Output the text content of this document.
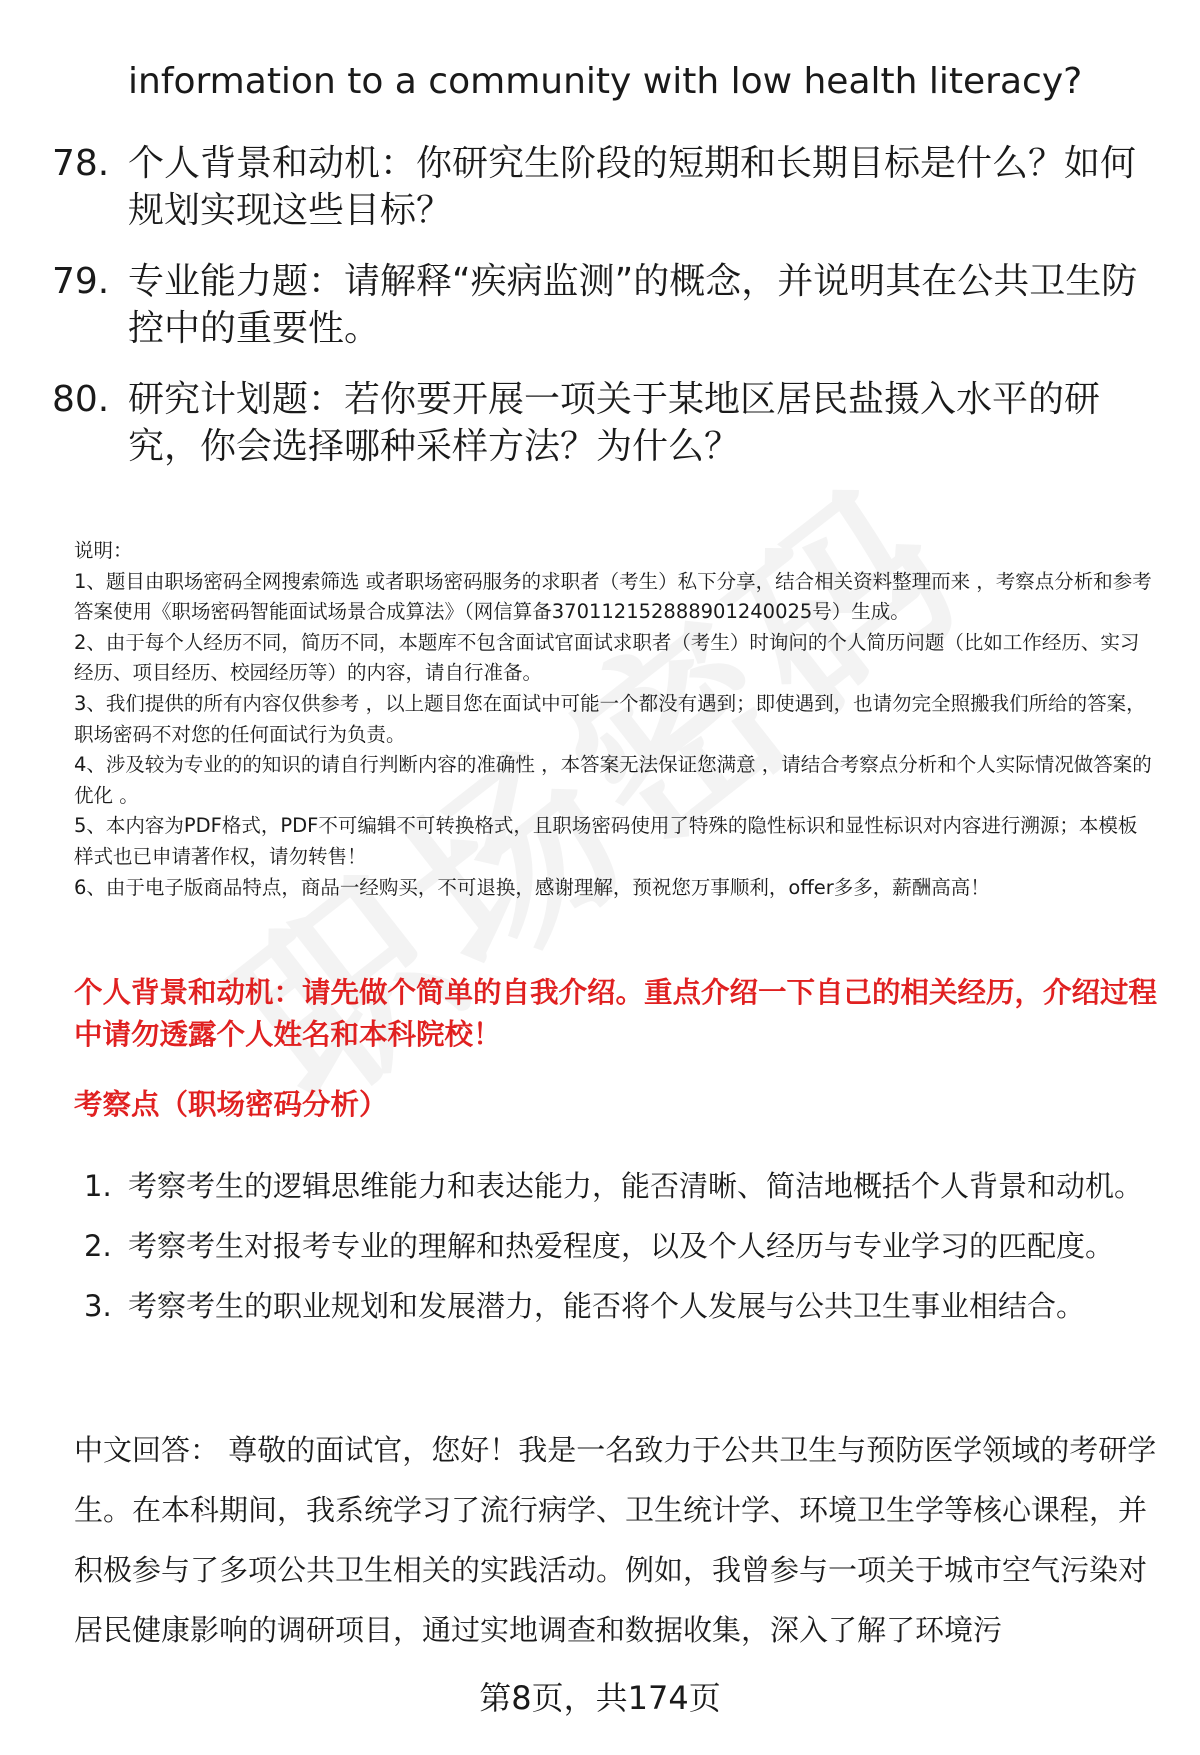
information to a community with low health literacy?

78. 个人背景和动机：你研究生阶段的短期和长期目标是什么？如何规划实现这些目标？
79. 专业能力题：请解释“疾病监测”的概念，并说明其在公共卫生防控中的重要性。
80. 研究计划题：若你要开展一项关于某地区居民盐摄入水平的研究，你会选择哪种采样方法？为什么？

说明：

1、题目由职场密码全网搜索筛选 或者职场密码服务的求职者（考生）私下分享，结合相关资料整理而来 ，考察点分析和参考答案使用《职场密码智能面试场景合成算法》（网信算备370112152888901240025号）生成。

2、由于每个人经历不同，简历不同，本题库不包含面试官面试求职者（考生）时询问的个人简历问题（比如工作经历、实习经历、项目经历、校园经历等）的内容，请自行准备。

3、我们提供的所有内容仅供参考 ，以上题目您在面试中可能一个都没有遇到；即使遇到，也请勿完全照搬我们所给的答案，职场密码不对您的任何面试行为负责。

4、涉及较为专业的的知识的请自行判断内容的准确性 ，本答案无法保证您满意 ，请结合考察点分析和个人实际情况做答案的优化 。

5、本内容为PDF格式，PDF不可编辑不可转换格式，且职场密码使用了特殊的隐性标识和显性标识对内容进行溯源；本模板样式也已申请著作权，请勿转售！

6、由于电子版商品特点，商品一经购买，不可退换，感谢理解，预祝您万事顺利，offer多多，薪酬高高！

个人背景和动机：请先做个简单的自我介绍。重点介绍一下自己的相关经历，介绍过程中请勿透露个人姓名和本科院校！

考察点（职场密码分析）

1. 考察考生的逻辑思维能力和表达能力，能否清晰、简洁地概括个人背景和动机。
2. 考察考生对报考专业的理解和热爱程度，以及个人经历与专业学习的匹配度。
3. 考察考生的职业规划和发展潜力，能否将个人发展与公共卫生事业相结合。

中文回答： 尊敬的面试官，您好！我是一名致力于公共卫生与预防医学领域的考研学生。在本科期间，我系统学习了流行病学、卫生统计学、环境卫生学等核心课程，并积极参与了多项公共卫生相关的实践活动。例如，我曾参与一项关于城市空气污染对居民健康影响的调研项目，通过实地调查和数据收集，深入了解了环境污

第8页，共174页
